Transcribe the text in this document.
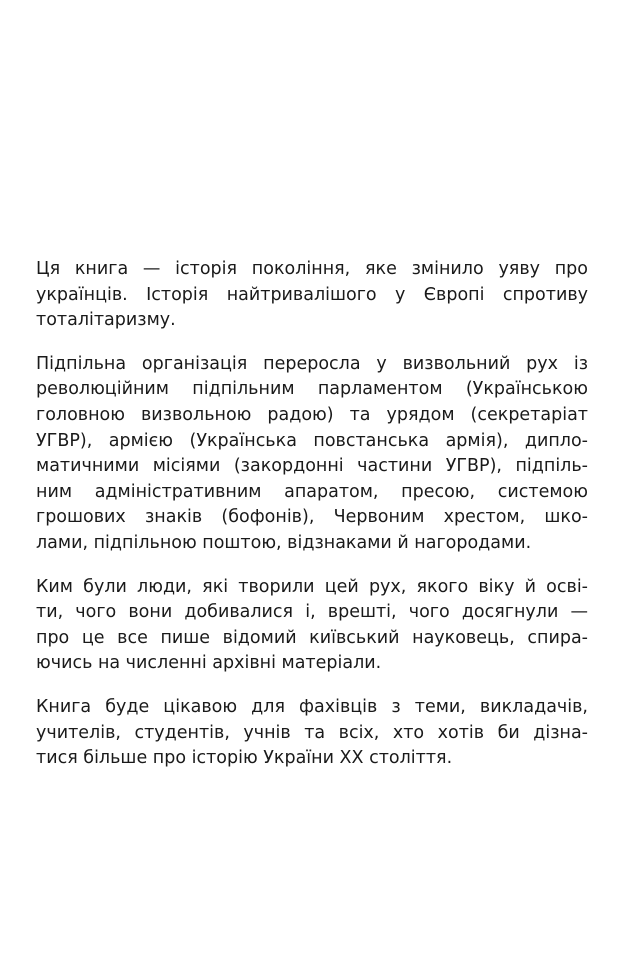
Ця книга — історія покоління, яке змінило уяву про
українців. Історія найтривалішого у Європі спротиву
тоталітаризму.

Підпільна організація переросла у визвольний рух із
революційним підпільним парламентом (Українською
головною визвольною радою) та урядом (секретаріат
УГВР), армією (Українська повстанська армія), дипло-
матичними місіями (закордонні частини УГВР), підпіль-
ним адміністративним апаратом, пресою, системою
грошових знаків (бофонів), Червоним хрестом, шко-
лами, підпільною поштою, відзнаками й нагородами.

Ким були люди, які творили цей рух, якого віку й осві-
ти, чого вони добивалися і, врешті, чого досягнули —
про це все пише відомий київський науковець, спира-
ючись на численні архівні матеріали.

Книга буде цікавою для фахівців з теми, викладачів,
учителів, студентів, учнів та всіх, хто хотів би дізна-
тися більше про історію України ХХ століття.
